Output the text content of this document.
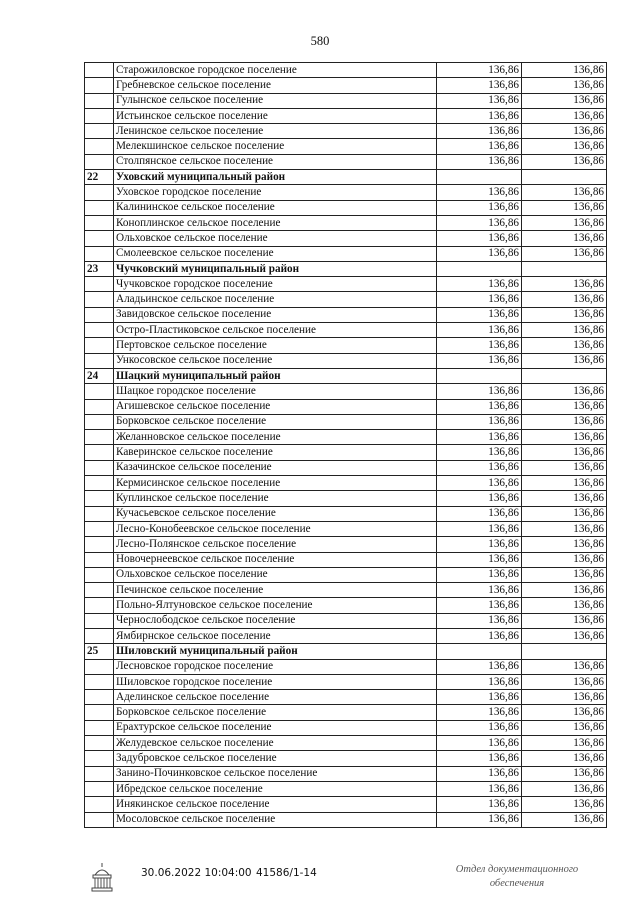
580
	Старожиловское городское поселение	136,86	136,86
	Гребневское сельское поселение	136,86	136,86
	Гулынское сельское поселение	136,86	136,86
	Истьинское сельское поселение	136,86	136,86
	Ленинское сельское поселение	136,86	136,86
	Мелекшинское сельское поселение	136,86	136,86
	Столпянское сельское поселение	136,86	136,86
22	Уховский муниципальный район		
	Уховское городское поселение	136,86	136,86
	Калининское сельское поселение	136,86	136,86
	Коноплинское сельское поселение	136,86	136,86
	Ольховское сельское поселение	136,86	136,86
	Смолеевское сельское поселение	136,86	136,86
23	Чучковский муниципальный район		
	Чучковское городское поселение	136,86	136,86
	Аладьинское сельское поселение	136,86	136,86
	Завидовское сельское поселение	136,86	136,86
	Остро-Пластиковское сельское поселение	136,86	136,86
	Пертовское сельское поселение	136,86	136,86
	Ункосовское сельское поселение	136,86	136,86
24	Шацкий муниципальный район		
	Шацкое городское поселение	136,86	136,86
	Агишевское сельское поселение	136,86	136,86
	Борковское сельское поселение	136,86	136,86
	Желанновское сельское поселение	136,86	136,86
	Каверинское сельское поселение	136,86	136,86
	Казачинское сельское поселение	136,86	136,86
	Кермисинское сельское поселение	136,86	136,86
	Куплинское сельское поселение	136,86	136,86
	Кучасьевское сельское поселение	136,86	136,86
	Лесно-Конобеевское сельское поселение	136,86	136,86
	Лесно-Полянское сельское поселение	136,86	136,86
	Новочернеевское сельское поселение	136,86	136,86
	Ольховское сельское поселение	136,86	136,86
	Печинское сельское поселение	136,86	136,86
	Польно-Ялтуновское сельское поселение	136,86	136,86
	Чернослободское сельское поселение	136,86	136,86
	Ямбирнское сельское поселение	136,86	136,86
25	Шиловский муниципальный район		
	Лесновское городское поселение	136,86	136,86
	Шиловское городское поселение	136,86	136,86
	Аделинское сельское поселение	136,86	136,86
	Борковское сельское поселение	136,86	136,86
	Ерахтурское сельское поселение	136,86	136,86
	Желудевское сельское поселение	136,86	136,86
	Задубровское сельское поселение	136,86	136,86
	Занино-Починковское сельское поселение	136,86	136,86
	Ибредское сельское поселение	136,86	136,86
	Инякинское сельское поселение	136,86	136,86
	Мосоловское сельское поселение	136,86	136,86
30.06.2022 10:04:00 41586/1-14	Отдел документационного
обеспечения
